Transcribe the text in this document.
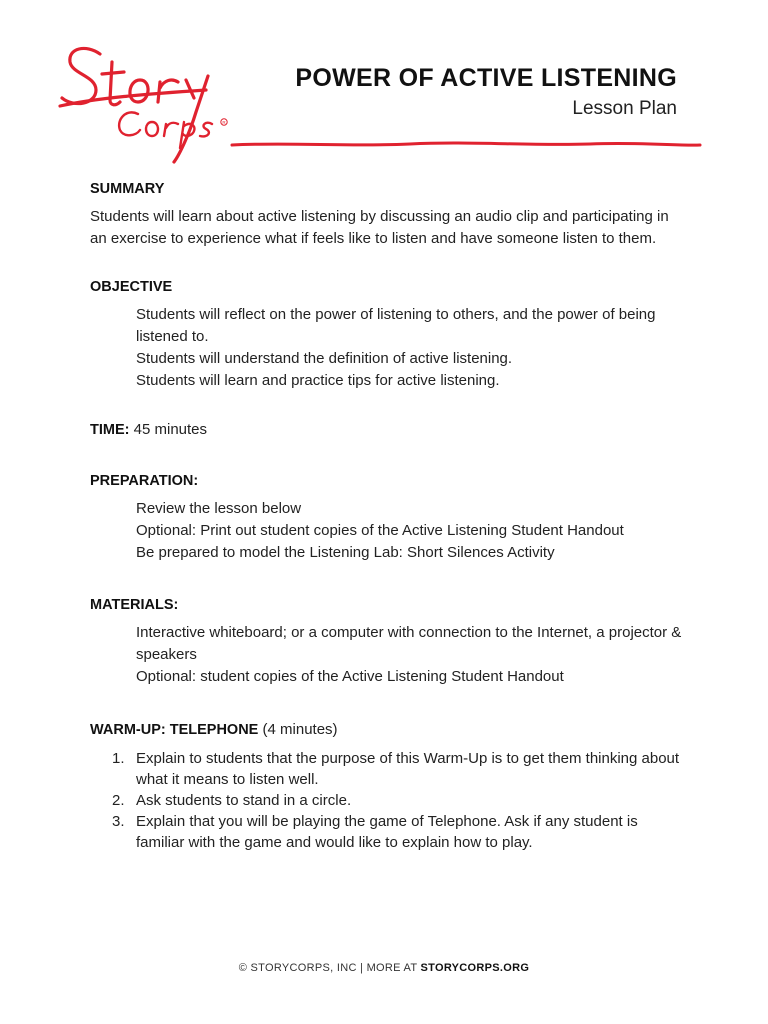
R
POWER OF ACTIVE LISTENING
Lesson Plan
SUMMARY

Students will learn about active listening by discussing an audio clip and participating in an exercise to experience what if feels like to listen and have someone listen to them.

OBJECTIVE
Students will reflect on the power of listening to others, and the power of being listened to.
Students will understand the definition of active listening.
Students will learn and practice tips for active listening.

TIME: 45 minutes

PREPARATION:
Review the lesson below
Optional: Print out student copies of the Active Listening Student Handout
Be prepared to model the Listening Lab: Short Silences Activity
MATERIALS:
Interactive whiteboard; or a computer with connection to the Internet, a projector & speakers
Optional: student copies of the Active Listening Student Handout

WARM-UP: TELEPHONE (4 minutes)

1. Explain to students that the purpose of this Warm-Up is to get them thinking about what it means to listen well.
2. Ask students to stand in a circle.
3. Explain that you will be playing the game of Telephone. Ask if any student is familiar with the game and would like to explain how to play.
© STORYCORPS, INC | MORE AT STORYCORPS.ORG
